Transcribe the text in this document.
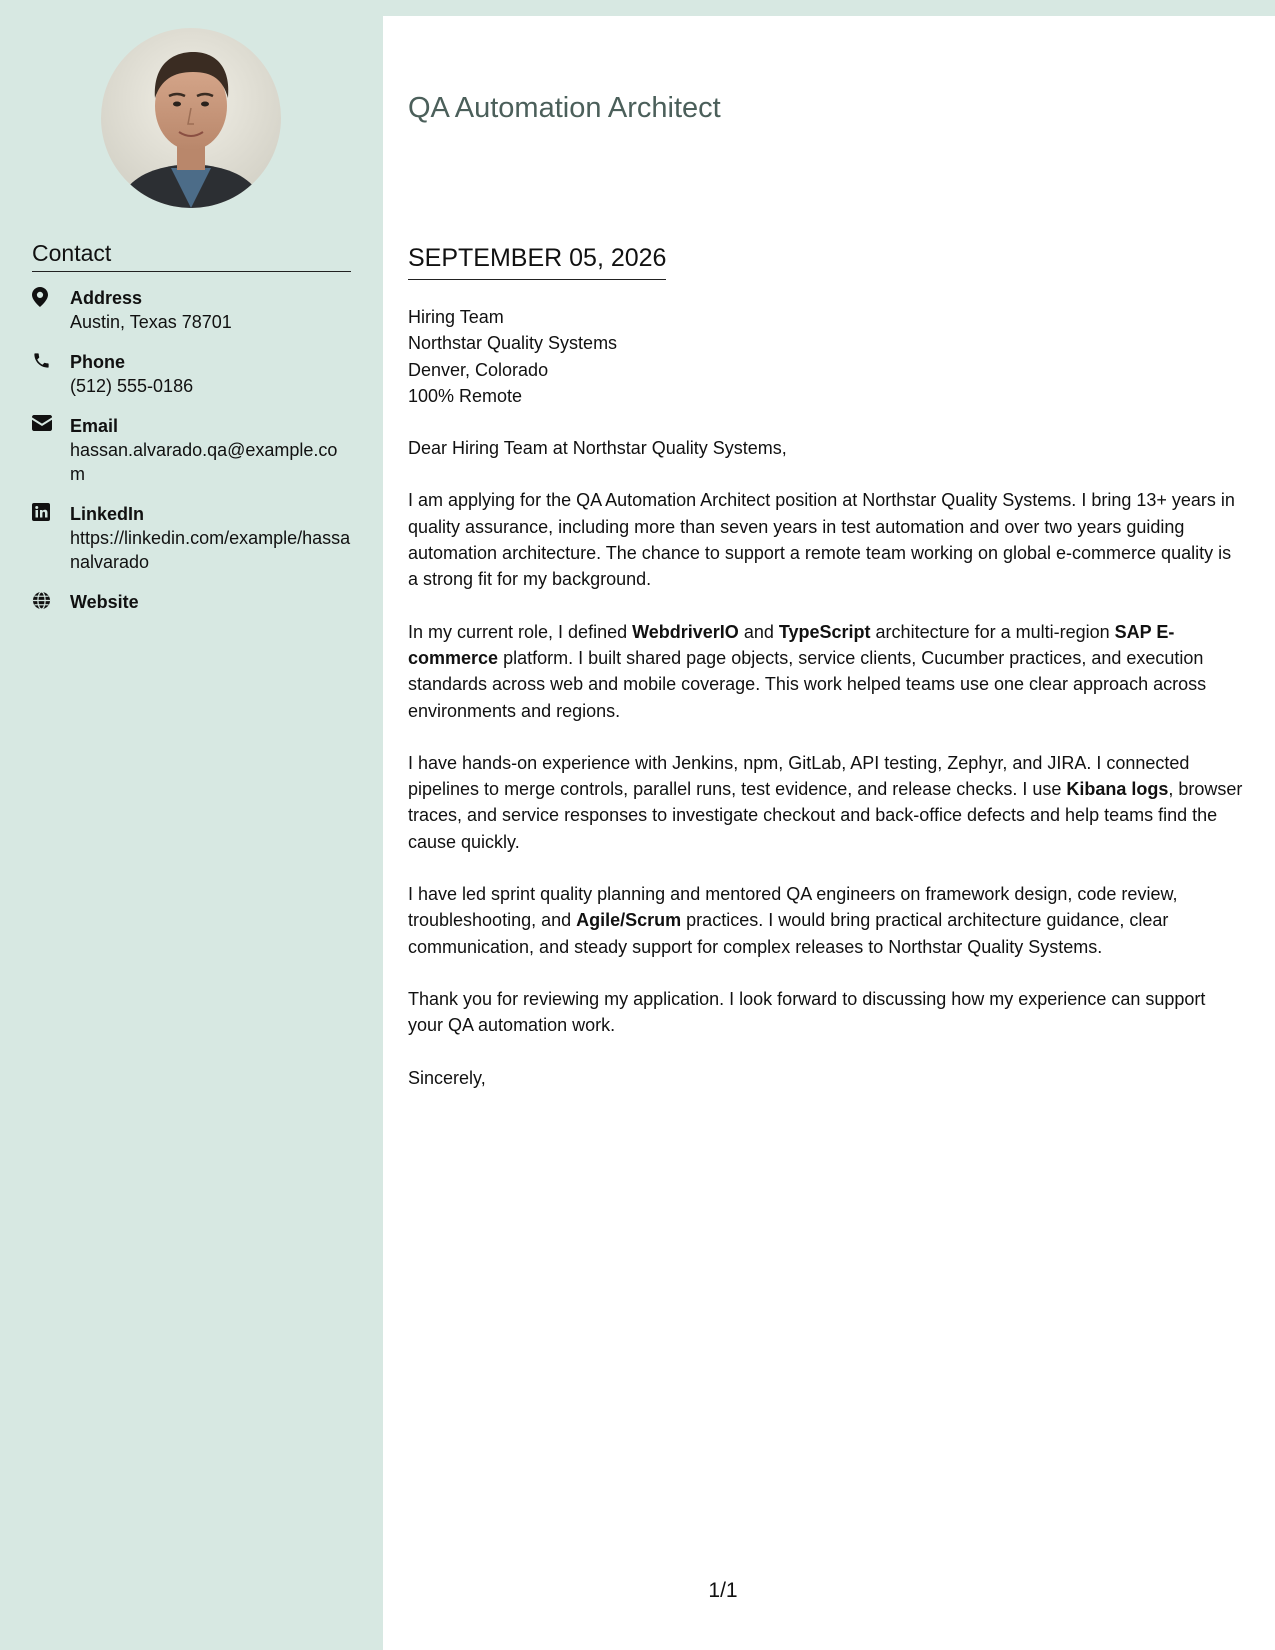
Contact
Address
Austin, Texas 78701
Phone
(512) 555-0186
Email
hassan.alvarado.qa@example.com
LinkedIn
https://linkedin.com/example/hassanalvarado
Website
QA Automation Architect
SEPTEMBER 05, 2026
Hiring Team
Northstar Quality Systems
Denver, Colorado
100% Remote

Dear Hiring Team at Northstar Quality Systems,

I am applying for the QA Automation Architect position at Northstar Quality Systems. I bring 13+ years in quality assurance, including more than seven years in test automation and over two years guiding automation architecture. The chance to support a remote team working on global e-commerce quality is a strong fit for my background.

In my current role, I defined WebdriverIO and TypeScript architecture for a multi-region SAP E-commerce platform. I built shared page objects, service clients, Cucumber practices, and execution standards across web and mobile coverage. This work helped teams use one clear approach across environments and regions.

I have hands-on experience with Jenkins, npm, GitLab, API testing, Zephyr, and JIRA. I connected pipelines to merge controls, parallel runs, test evidence, and release checks. I use Kibana logs, browser traces, and service responses to investigate checkout and back-office defects and help teams find the cause quickly.

I have led sprint quality planning and mentored QA engineers on framework design, code review, troubleshooting, and Agile/Scrum practices. I would bring practical architecture guidance, clear communication, and steady support for complex releases to Northstar Quality Systems.

Thank you for reviewing my application. I look forward to discussing how my experience can support your QA automation work.

Sincerely,

1/1
